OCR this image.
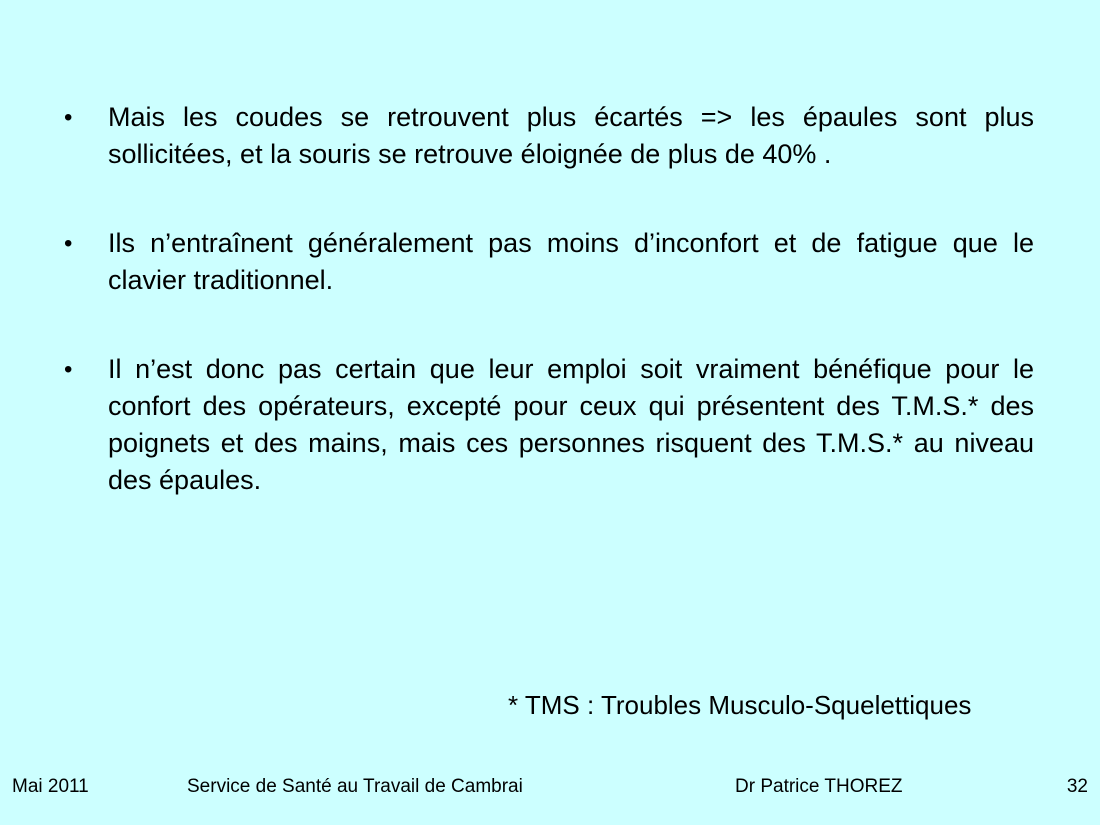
•	Mais les coudes se retrouvent plus écartés => les épaules sont plus sollicitées, et la souris se retrouve éloignée de plus de 40% .
•	Ils n’entraînent généralement pas moins d’inconfort et de fatigue que le clavier traditionnel.
•	Il n’est donc pas certain que leur emploi soit vraiment bénéfique pour le confort des opérateurs, excepté pour ceux qui présentent des T.M.S.* des poignets et des mains, mais ces personnes risquent des T.M.S.* au niveau des épaules.
* TMS : Troubles Musculo-Squelettiques
Mai 2011	Service de Santé au Travail de Cambrai	Dr Patrice THOREZ	32
